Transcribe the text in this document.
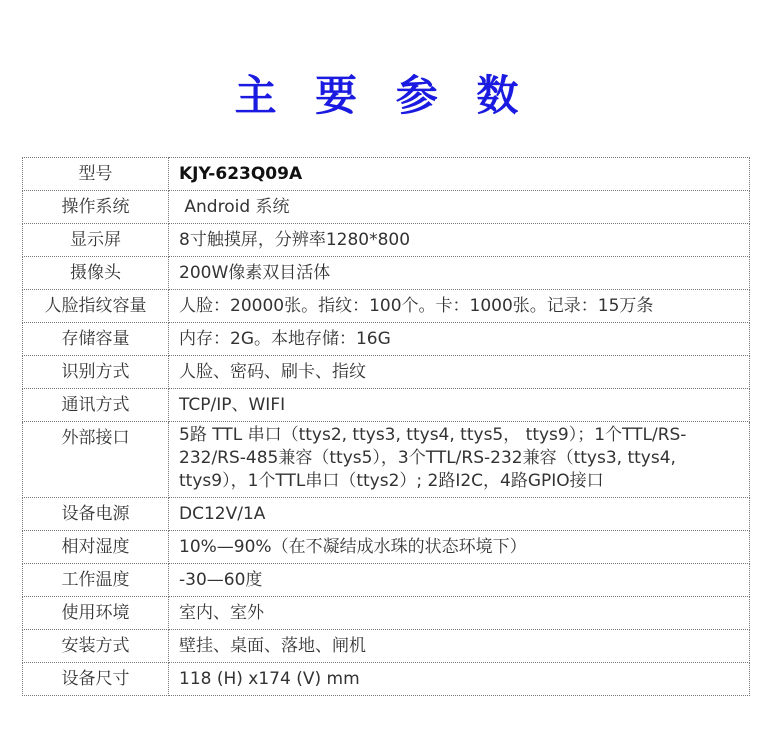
主 要 参 数
型号	KJY-623Q09A
操作系统	Android 系统
显示屏	8寸触摸屏，分辨率1280*800
摄像头	200W像素双目活体
人脸指纹容量	人脸：20000张。指纹：100个。卡：1000张。记录：15万条
存储容量	内存：2G。本地存储：16G
识别方式	人脸、密码、刷卡、指纹
通讯方式	TCP/IP、WIFI
外部接口	5路 TTL 串口（ttys2, ttys3, ttys4, ttys5， ttys9）；1个TTL/RS-232/RS-485兼容（ttys5），3个TTL/RS-232兼容（ttys3, ttys4, ttys9），1个TTL串口（ttys2）; 2路I2C，4路GPIO接口
设备电源	DC12V/1A
相对湿度	10%—90%（在不凝结成水珠的状态环境下）
工作温度	-30—60度
使用环境	室内、室外
安装方式	壁挂、桌面、落地、闸机
设备尺寸	118 (H) x174 (V) mm
